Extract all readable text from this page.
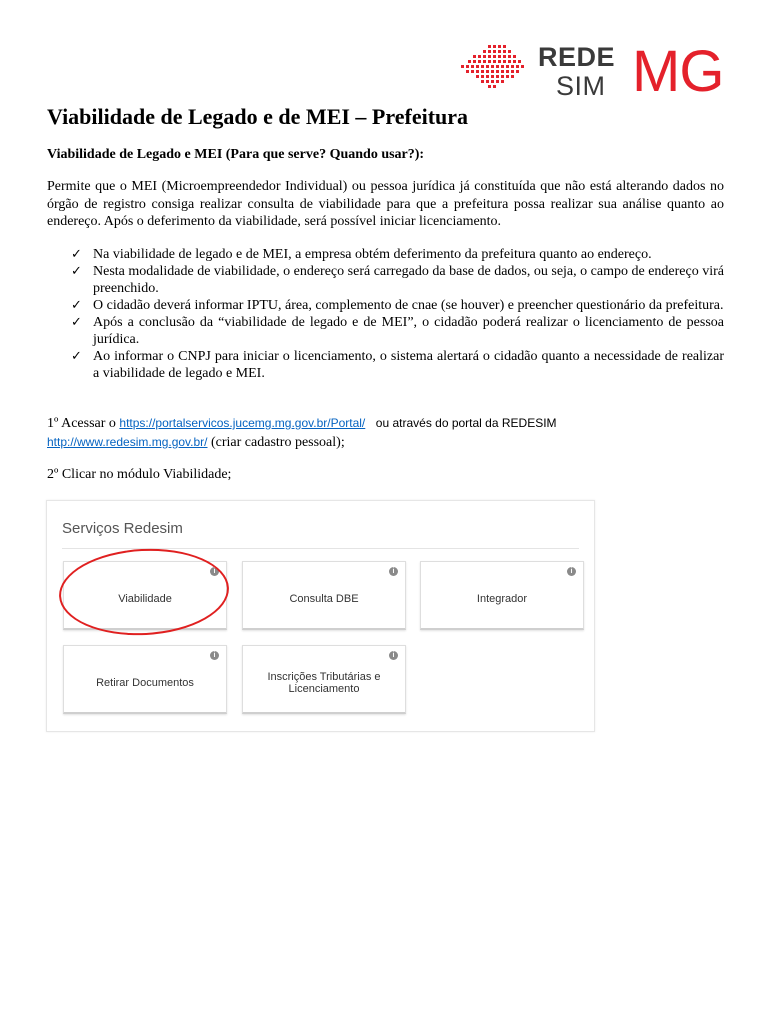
REDE
SIM MG
Viabilidade de Legado e de MEI – Prefeitura

Viabilidade de Legado e MEI (Para que serve? Quando usar?):

Permite que o MEI (Microempreendedor Individual) ou pessoa jurídica já constituída que não está alterando dados no órgão de registro consiga realizar consulta de viabilidade para que a prefeitura possa realizar sua análise quanto ao endereço. Após o deferimento da viabilidade, será possível iniciar licenciamento.

✓ Na viabilidade de legado e de MEI, a empresa obtém deferimento da prefeitura quanto ao endereço.
✓ Nesta modalidade de viabilidade, o endereço será carregado da base de dados, ou seja, o campo de endereço virá preenchido.
✓ O cidadão deverá informar IPTU, área, complemento de cnae (se houver) e preencher questionário da prefeitura.
✓ Após a conclusão da “viabilidade de legado e de MEI”, o cidadão poderá realizar o licenciamento de pessoa jurídica.
✓ Ao informar o CNPJ para iniciar o licenciamento, o sistema alertará o cidadão quanto a necessidade de realizar a viabilidade de legado e MEI.
1º Acessar o https://portalservicos.jucemg.mg.gov.br/Portal/ ou através do portal da REDESIM
http://www.redesim.mg.gov.br/ (criar cadastro pessoal);
2º Clicar no módulo Viabilidade;
Serviços Redesim
i
Viabilidade
i
Consulta DBE
i
Integrador
i
Retirar Documentos
i
Inscrições Tributárias e
Licenciamento
